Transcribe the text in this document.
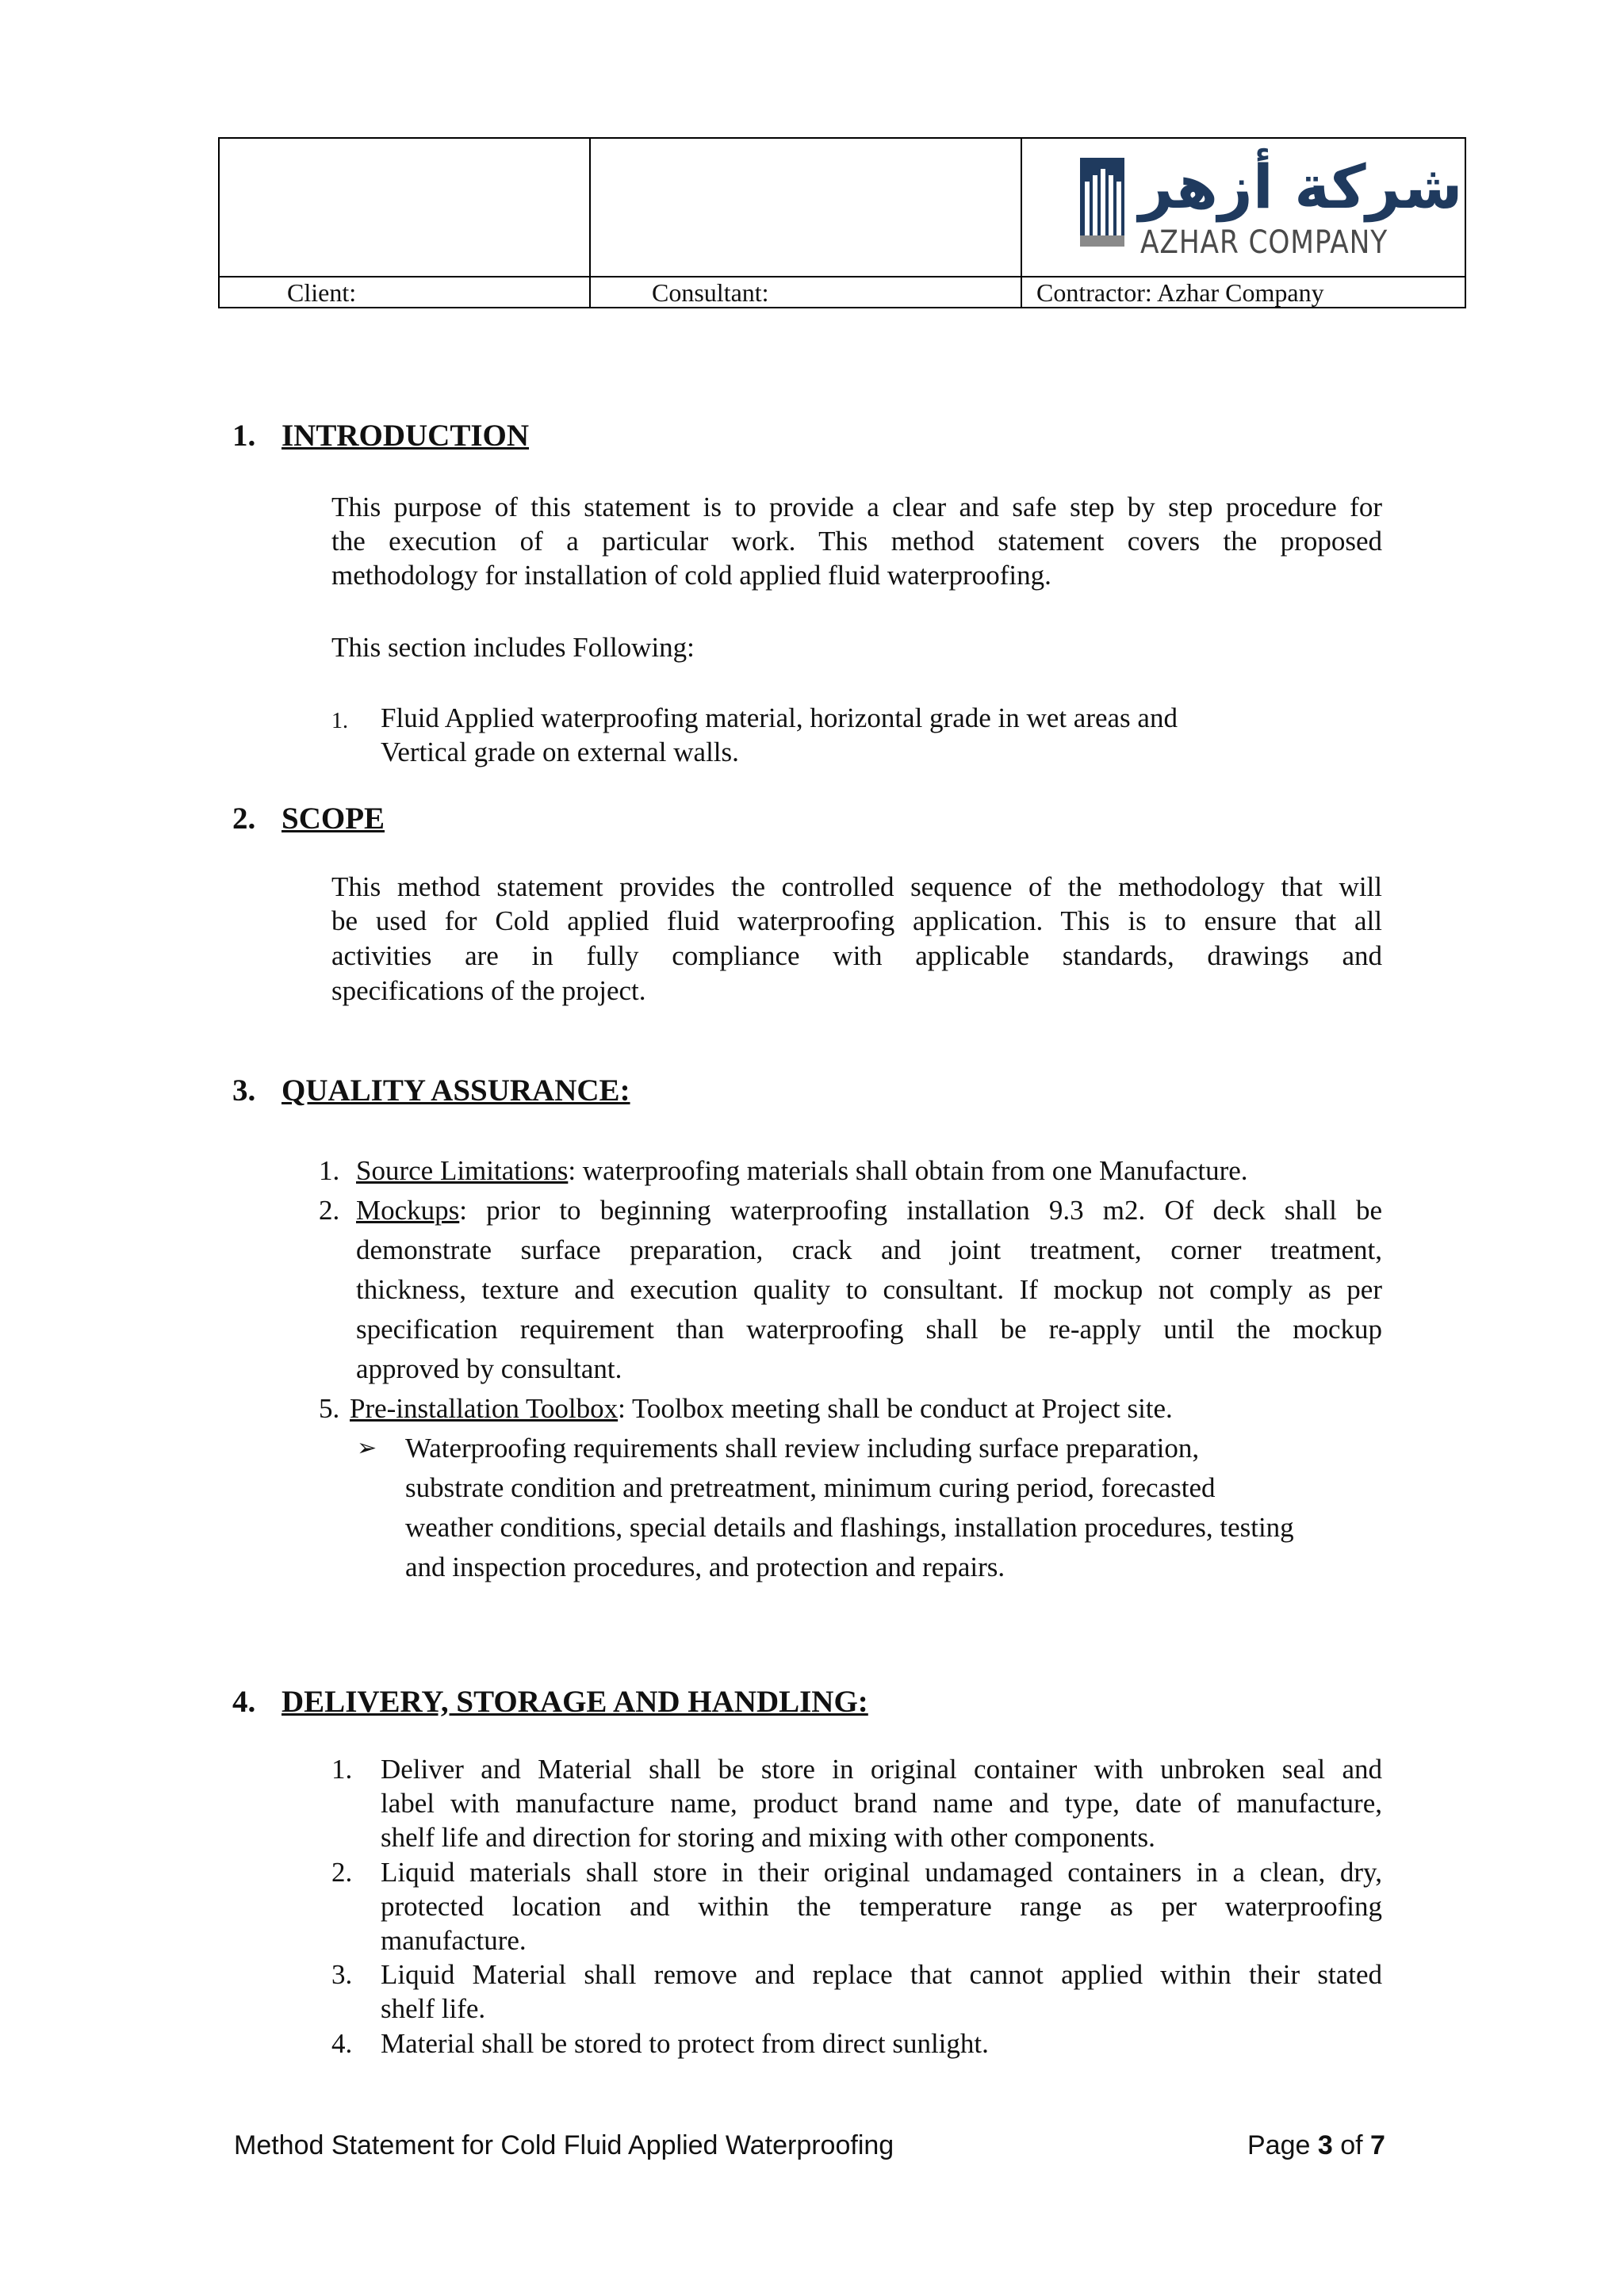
شركة أزهر
AZHAR COMPANY
Client:	Consultant:	Contractor: Azhar Company
1. INTRODUCTION
This purpose of this statement is to provide a clear and safe step by step procedure for
the execution of a particular work. This method statement covers the proposed
methodology for installation of cold applied fluid waterproofing.
This section includes Following:
1. Fluid Applied waterproofing material, horizontal grade in wet areas and
Vertical grade on external walls.
2. SCOPE
This method statement provides the controlled sequence of the methodology that will
be used for Cold applied fluid waterproofing application. This is to ensure that all
activities are in fully compliance with applicable standards, drawings and
specifications of the project.
3. QUALITY ASSURANCE:
1. Source Limitations: waterproofing materials shall obtain from one Manufacture.
2. Mockups: prior to beginning waterproofing installation 9.3 m2. Of deck shall be
demonstrate surface preparation, crack and joint treatment, corner treatment,
thickness, texture and execution quality to consultant. If mockup not comply as per
specification requirement than waterproofing shall be re-apply until the mockup
approved by consultant.
5. Pre-installation Toolbox: Toolbox meeting shall be conduct at Project site.
➢ Waterproofing requirements shall review including surface preparation,
substrate condition and pretreatment, minimum curing period, forecasted
weather conditions, special details and flashings, installation procedures, testing
and inspection procedures, and protection and repairs.
4. DELIVERY, STORAGE AND HANDLING:
1. Deliver and Material shall be store in original container with unbroken seal and
label with manufacture name, product brand name and type, date of manufacture,
shelf life and direction for storing and mixing with other components.
2. Liquid materials shall store in their original undamaged containers in a clean, dry,
protected location and within the temperature range as per waterproofing
manufacture.
3. Liquid Material shall remove and replace that cannot applied within their stated
shelf life.
4. Material shall be stored to protect from direct sunlight.
Method Statement for Cold Fluid Applied Waterproofing	Page 3 of 7
